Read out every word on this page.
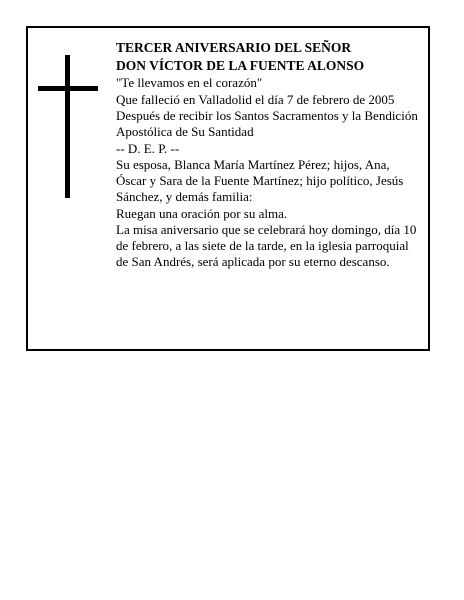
TERCER ANIVERSARIO DEL SEÑOR
DON VÍCTOR DE LA FUENTE ALONSO

"Te llevamos en el corazón"

Que falleció en Valladolid el día 7 de febrero de 2005

Después de recibir los Santos Sacramentos y la Bendición Apostólica de Su Santidad

-- D. E. P. --

Su esposa, Blanca María Martínez Pérez; hijos, Ana, Óscar y Sara de la Fuente Martínez; hijo político, Jesús Sánchez, y demás familia:

Ruegan una oración por su alma.

La misa aniversario que se celebrará hoy domingo, día 10 de febrero, a las siete de la tarde, en la iglesia parroquial de San Andrés, será aplicada por su eterno descanso.
